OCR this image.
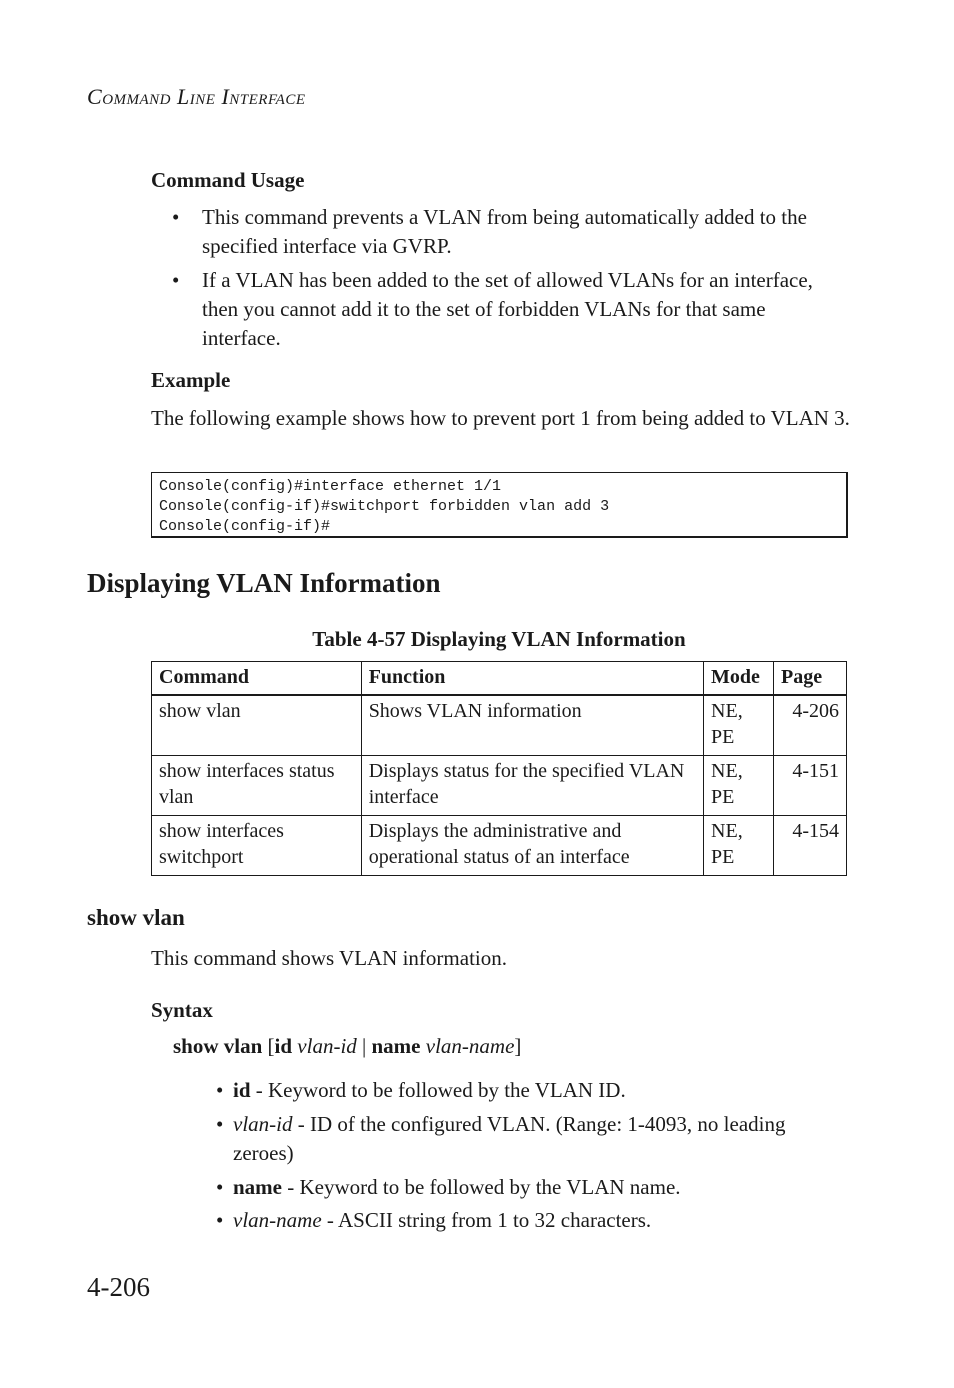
COMMAND LINE INTERFACE
Command Usage
• This command prevents a VLAN from being automatically added to the specified interface via GVRP.
• If a VLAN has been added to the set of allowed VLANs for an interface, then you cannot add it to the set of forbidden VLANs for that same interface.
Example
The following example shows how to prevent port 1 from being added to VLAN 3.
Console(config)#interface ethernet 1/1
Console(config-if)#switchport forbidden vlan add 3
Console(config-if)#
Displaying VLAN Information
Table 4-57 Displaying VLAN Information
Command	Function	Mode	Page
show vlan	Shows VLAN information	NE, PE	4-206
show interfaces status vlan	Displays status for the specified VLAN interface	NE, PE	4-151
show interfaces switchport	Displays the administrative and operational status of an interface	NE, PE	4-154
show vlan
This command shows VLAN information.
Syntax
show vlan [id vlan-id | name vlan-name]
• id - Keyword to be followed by the VLAN ID.
• vlan-id - ID of the configured VLAN. (Range: 1-4093, no leading zeroes)
• name - Keyword to be followed by the VLAN name.
• vlan-name - ASCII string from 1 to 32 characters.
4-206
